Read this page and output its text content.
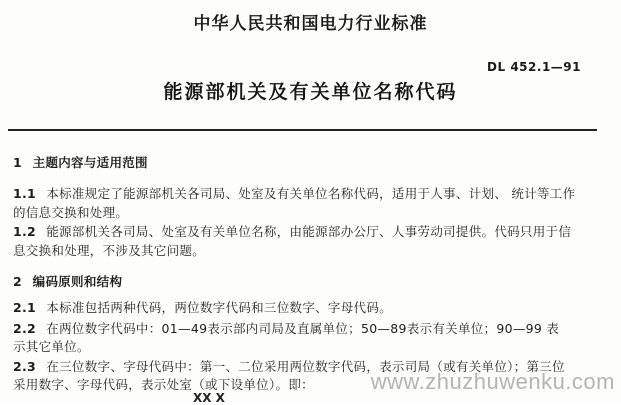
中华人民共和国电力行业标准
DL 452.1—91
能源部机关及有关单位名称代码
1 主题内容与适用范围
1.1 本标准规定了能源部机关各司局、处室及有关单位名称代码，适用于人事、计划、 统计等工作
的信息交换和处理。
1.2 能源部机关各司局、处室及有关单位名称，由能源部办公厅、人事劳动司提供。代码只用于信
息交换和处理，不涉及其它问题。
2 编码原则和结构
2.1 本标准包括两种代码，两位数字代码和三位数字、字母代码。
2.2 在两位数字代码中：01—49表示部内司局及直属单位；50—89表示有关单位；90—99 表
示其它单位。
2.3 在三位数字、字母代码中：第一、二位采用两位数字代码，表示司局（或有关单位）；第三位
采用数字、字母代码，表示处室（或下设单位）。即：
XX X
www.zhuzhuwenku.com
